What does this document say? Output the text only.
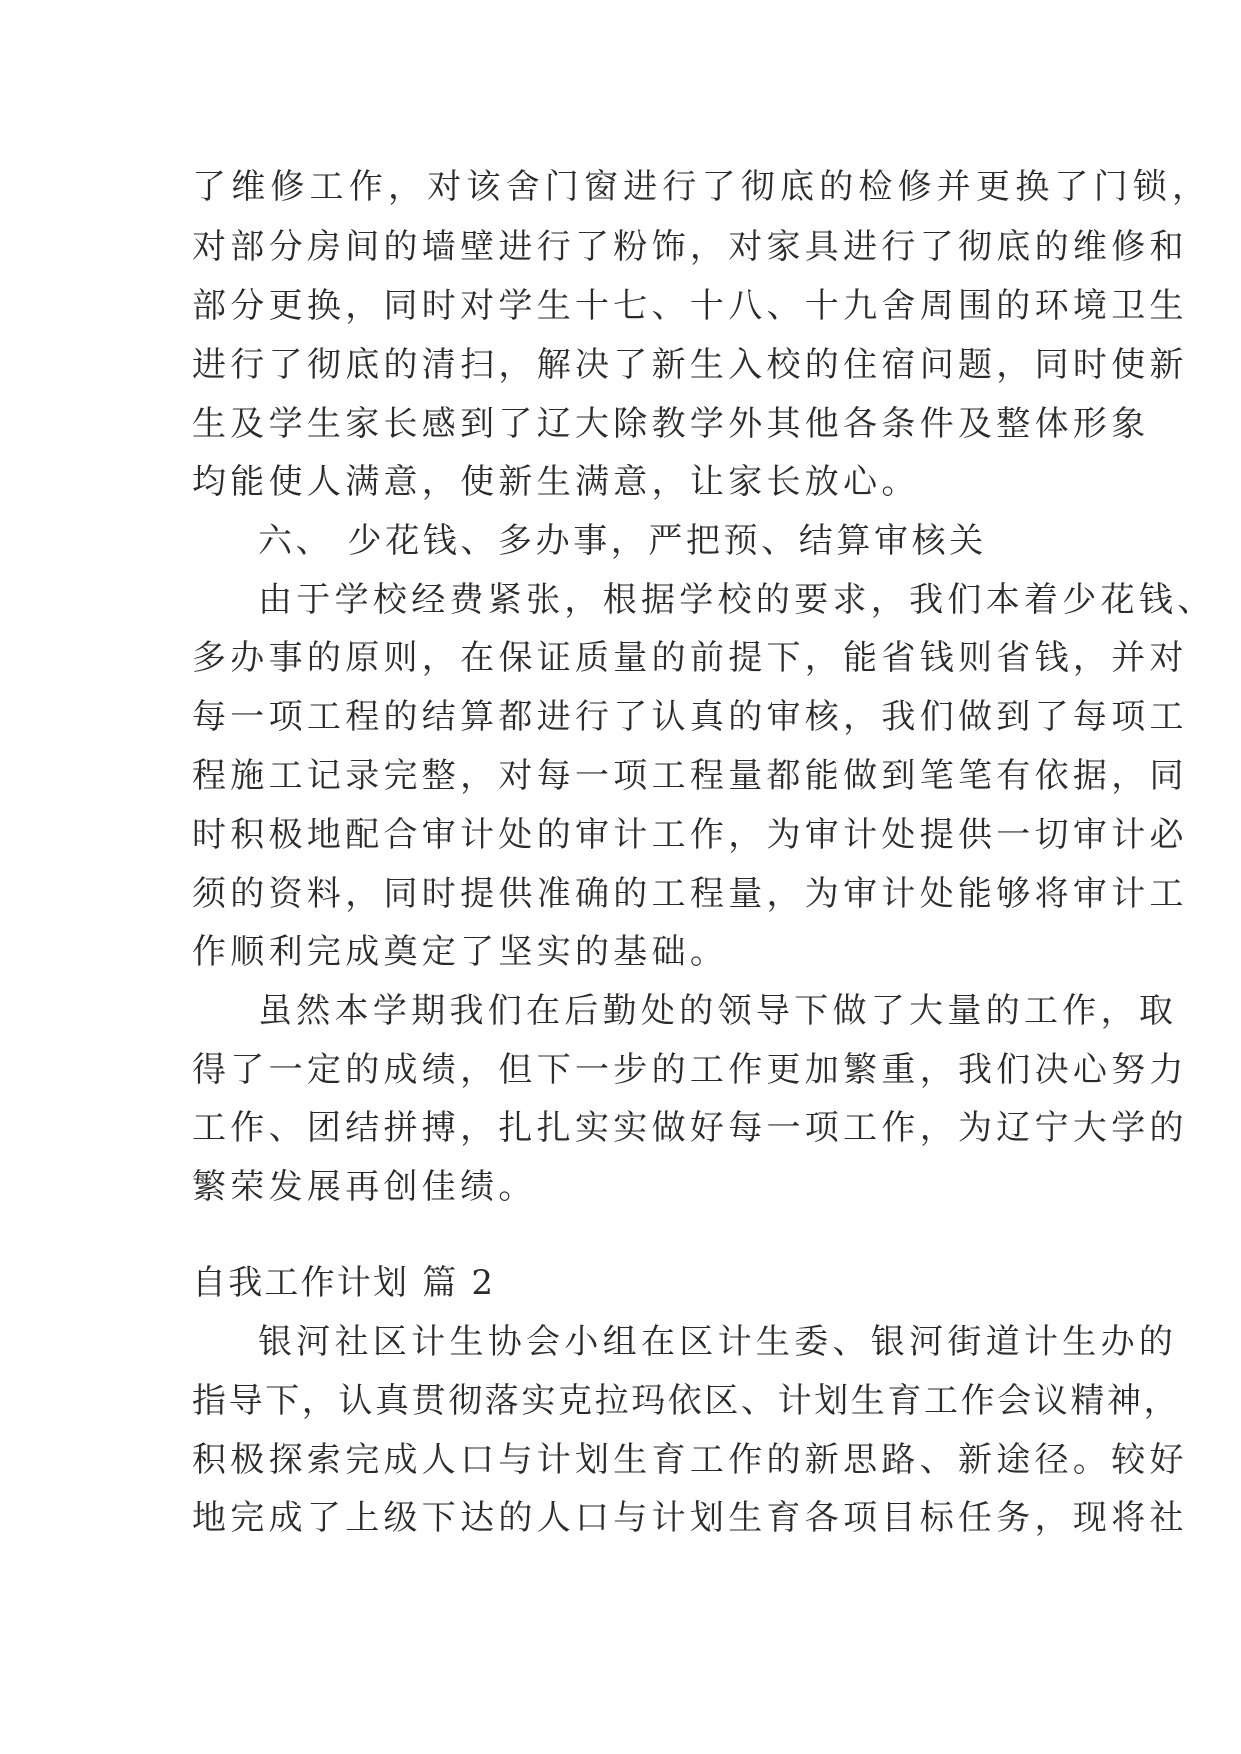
了维修工作，对该舍门窗进行了彻底的检修并更换了门锁，

对部分房间的墙壁进行了粉饰，对家具进行了彻底的维修和

部分更换，同时对学生十七、十八、十九舍周围的环境卫生

进行了彻底的清扫，解决了新生入校的住宿问题，同时使新

生及学生家长感到了辽大除教学外其他各条件及整体形象

均能使人满意，使新生满意，让家长放心。

六、 少花钱、多办事，严把预、结算审核关

由于学校经费紧张，根据学校的要求，我们本着少花钱、

多办事的原则，在保证质量的前提下，能省钱则省钱，并对

每一项工程的结算都进行了认真的审核，我们做到了每项工

程施工记录完整，对每一项工程量都能做到笔笔有依据，同

时积极地配合审计处的审计工作，为审计处提供一切审计必

须的资料，同时提供准确的工程量，为审计处能够将审计工

作顺利完成奠定了坚实的基础。

虽然本学期我们在后勤处的领导下做了大量的工作，取

得了一定的成绩，但下一步的工作更加繁重，我们决心努力

工作、团结拼搏，扎扎实实做好每一项工作，为辽宁大学的

繁荣发展再创佳绩。

自我工作计划 篇 2

银河社区计生协会小组在区计生委、银河街道计生办的

指导下，认真贯彻落实克拉玛依区、计划生育工作会议精神，

积极探索完成人口与计划生育工作的新思路、新途径。较好

地完成了上级下达的人口与计划生育各项目标任务，现将社
